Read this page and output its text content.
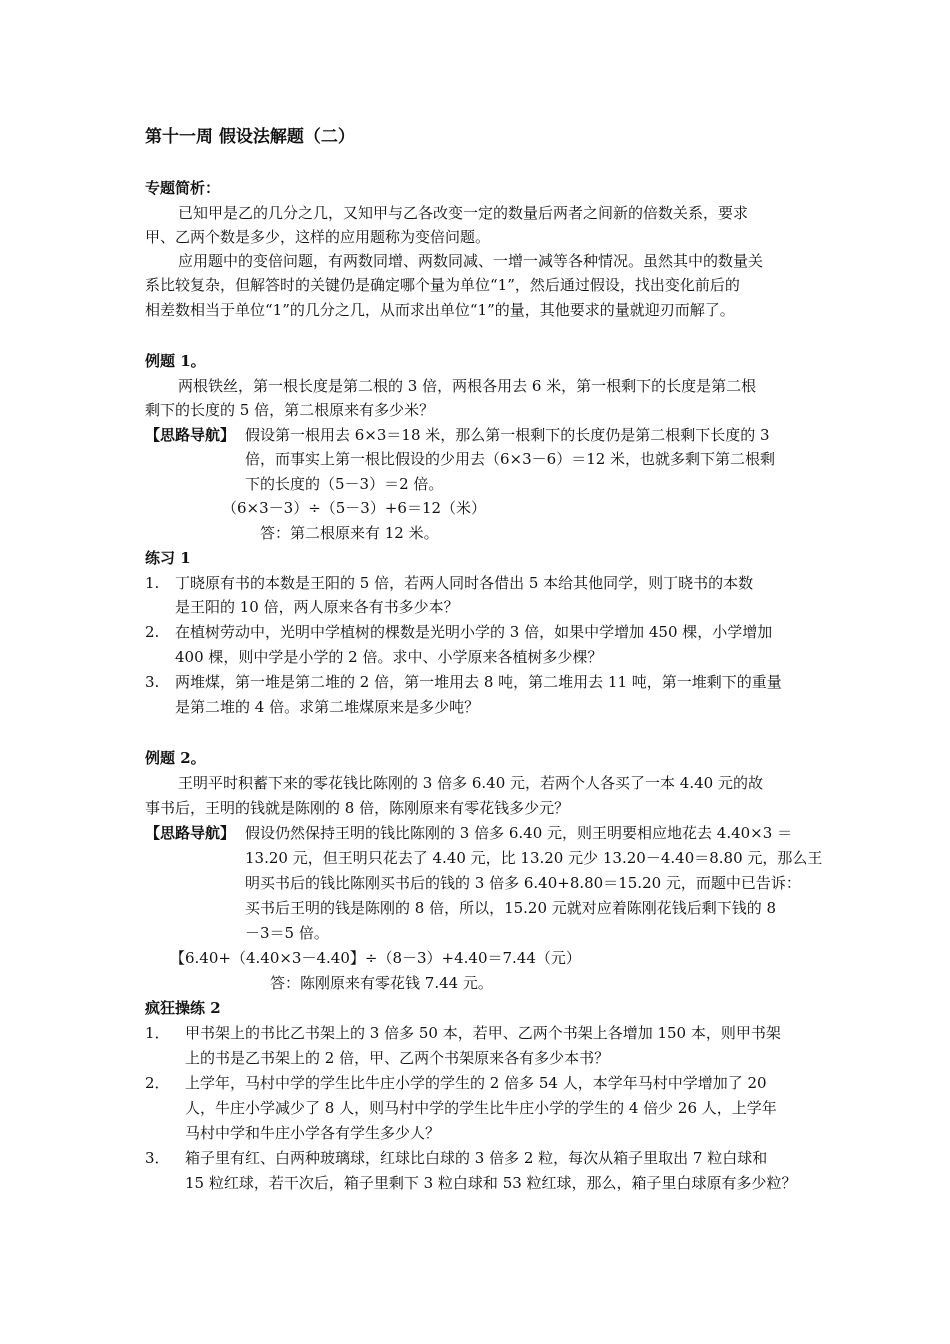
第十一周 假设法解题（二）
专题简析：
已知甲是乙的几分之几，又知甲与乙各改变一定的数量后两者之间新的倍数关系，要求
甲、乙两个数是多少，这样的应用题称为变倍问题。
应用题中的变倍问题，有两数同增、两数同减、一增一减等各种情况。虽然其中的数量关
系比较复杂，但解答时的关键仍是确定哪个量为单位“1”，然后通过假设，找出变化前后的
相差数相当于单位“1”的几分之几，从而求出单位“1”的量，其他要求的量就迎刃而解了。
例题 1。
两根铁丝，第一根长度是第二根的 3 倍，两根各用去 6 米，第一根剩下的长度是第二根
剩下的长度的 5 倍，第二根原来有多少米？
【思路导航】 假设第一根用去 6×3＝18 米，那么第一根剩下的长度仍是第二根剩下长度的 3
倍，而事实上第一根比假设的少用去（6×3－6）＝12 米，也就多剩下第二根剩
下的长度的（5－3）＝2 倍。
（6×3－3）÷（5－3）+6＝12（米）
答：第二根原来有 12 米。
练习 1
1. 丁晓原有书的本数是王阳的 5 倍，若两人同时各借出 5 本给其他同学，则丁晓书的本数
是王阳的 10 倍，两人原来各有书多少本？
2. 在植树劳动中，光明中学植树的棵数是光明小学的 3 倍，如果中学增加 450 棵，小学增加
400 棵，则中学是小学的 2 倍。求中、小学原来各植树多少棵？
3. 两堆煤，第一堆是第二堆的 2 倍，第一堆用去 8 吨，第二堆用去 11 吨，第一堆剩下的重量
是第二堆的 4 倍。求第二堆煤原来是多少吨？
例题 2。
王明平时积蓄下来的零花钱比陈刚的 3 倍多 6.40 元，若两个人各买了一本 4.40 元的故
事书后，王明的钱就是陈刚的 8 倍，陈刚原来有零花钱多少元？
【思路导航】 假设仍然保持王明的钱比陈刚的 3 倍多 6.40 元，则王明要相应地花去 4.40×3 ＝
13.20 元，但王明只花去了 4.40 元，比 13.20 元少 13.20－4.40＝8.80 元，那么王
明买书后的钱比陈刚买书后的钱的 3 倍多 6.40+8.80＝15.20 元，而题中已告诉：
买书后王明的钱是陈刚的 8 倍，所以，15.20 元就对应着陈刚花钱后剩下钱的 8
－3＝5 倍。
【6.40+（4.40×3－4.40】÷（8－3）+4.40＝7.44（元）
答：陈刚原来有零花钱 7.44 元。
疯狂操练 2
1． 甲书架上的书比乙书架上的 3 倍多 50 本，若甲、乙两个书架上各增加 150 本，则甲书架
上的书是乙书架上的 2 倍，甲、乙两个书架原来各有多少本书？
2． 上学年，马村中学的学生比牛庄小学的学生的 2 倍多 54 人，本学年马村中学增加了 20
人，牛庄小学减少了 8 人，则马村中学的学生比牛庄小学的学生的 4 倍少 26 人，上学年
马村中学和牛庄小学各有学生多少人？
3． 箱子里有红、白两种玻璃球，红球比白球的 3 倍多 2 粒，每次从箱子里取出 7 粒白球和
15 粒红球，若干次后，箱子里剩下 3 粒白球和 53 粒红球，那么，箱子里白球原有多少粒？
